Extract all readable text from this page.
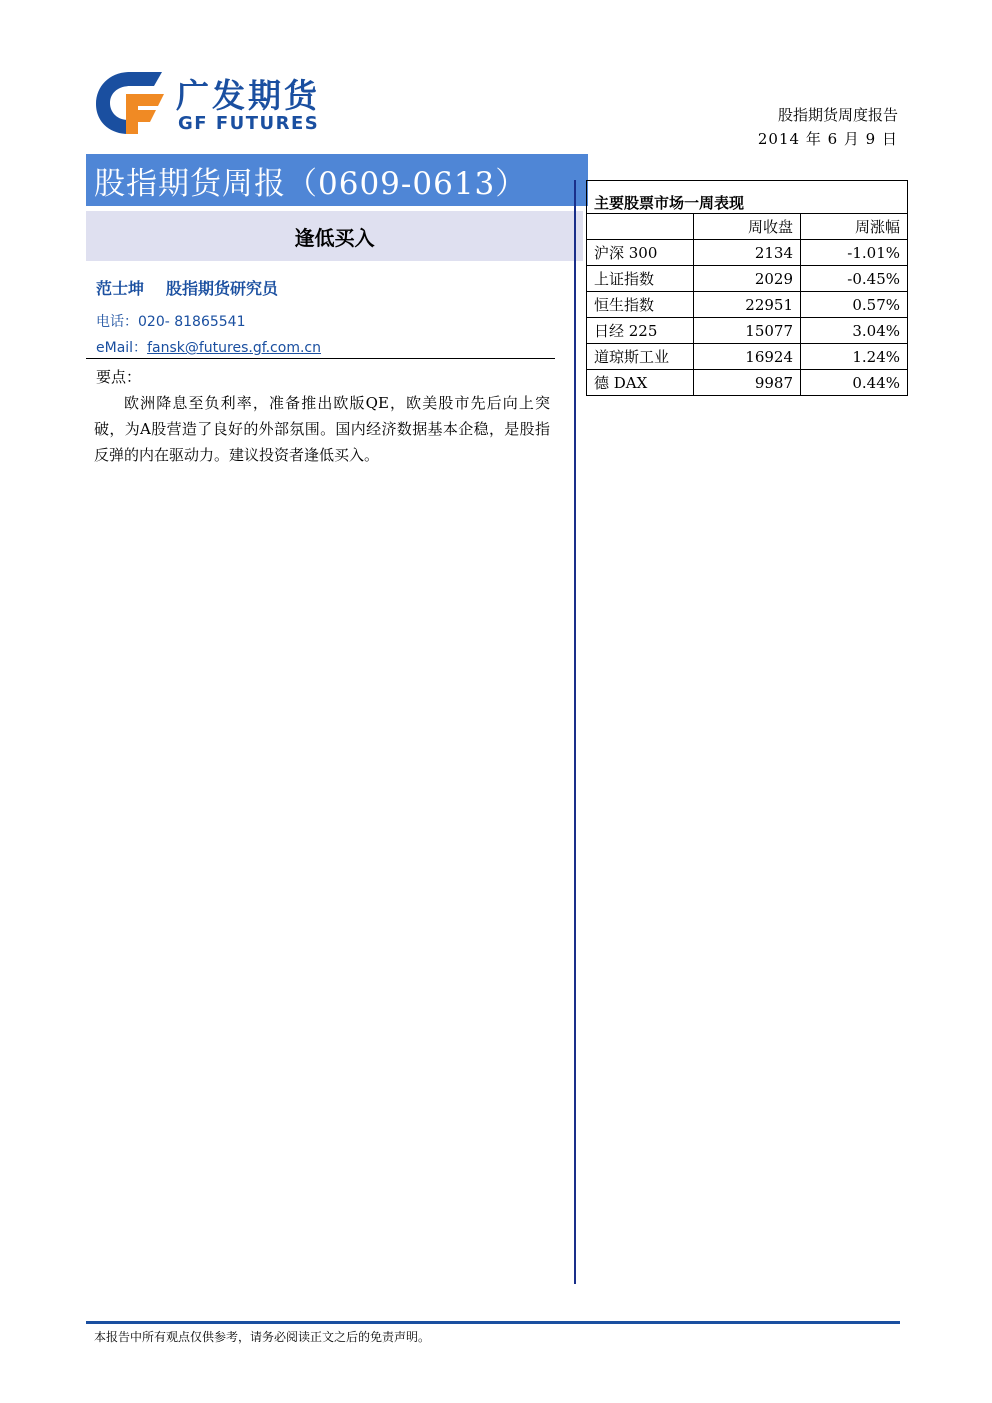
广发期货
GF FUTURES	股指期货周度报告
2014 年 6 月 9 日
股指期货周报（0609-0613）
逢低买入
范士坤 股指期货研究员
电话：020- 81865541
eMail：fansk@futures.gf.com.cn
要点：
欧洲降息至负利率，准备推出欧版QE，欧美股市先后向上突破，为A股营造了良好的外部氛围。国内经济数据基本企稳，是股指反弹的内在驱动力。建议投资者逢低买入。
主要股票市场一周表现		
	周收盘	周涨幅
沪深 300	2134	-1.01%
上证指数	2029	-0.45%
恒生指数	22951	0.57%
日经 225	15077	3.04%
道琼斯工业	16924	1.24%
德 DAX	9987	0.44%
本报告中所有观点仅供参考，请务必阅读正文之后的免责声明。
